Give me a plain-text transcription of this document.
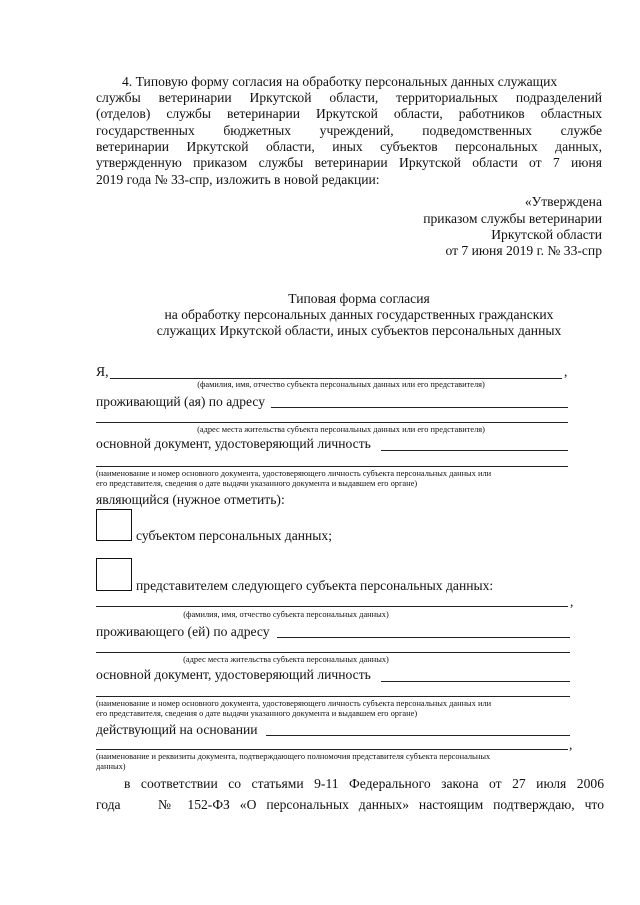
4. Типовую форму согласия на обработку персональных данных служащих
службы ветеринарии Иркутской области, территориальных подразделений
(отделов) службы ветеринарии Иркутской области, работников областных
государственных бюджетных учреждений, подведомственных службе
ветеринарии Иркутской области, иных субъектов персональных данных,
утвержденную приказом службы ветеринарии Иркутской области от 7 июня
2019 года № 33-спр, изложить в новой редакции:
«Утверждена
приказом службы ветеринарии
Иркутской области
от 7 июня 2019 г. № 33-спр
Типовая форма согласия
на обработку персональных данных государственных гражданских
служащих Иркутской области, иных субъектов персональных данных
Я,	,
(фамилия, имя, отчество субъекта персональных данных или его представителя)
проживающий (ая) по адресу
(адрес места жительства субъекта персональных данных или его представителя)
основной документ, удостоверяющий личность
(наименование и номер основного документа, удостоверяющего личность субъекта персональных данных или
его представителя, сведения о дате выдачи указанного документа и выдавшем его органе)
являющийся (нужное отметить):
субъектом персональных данных;
представителем следующего субъекта персональных данных:
,
(фамилия, имя, отчество субъекта персональных данных)
проживающего (ей) по адресу
(адрес места жительства субъекта персональных данных)
основной документ, удостоверяющий личность
(наименование и номер основного документа, удостоверяющего личность субъекта персональных данных или
его представителя, сведения о дате выдачи указанного документа и выдавшем его органе)
действующий на основании
,
(наименование и реквизиты документа, подтверждающего полномочия представителя субъекта персональных
данных)
в соответствии со статьями 9-11 Федерального закона от 27 июля 2006
года	№ 152-ФЗ «О персональных данных» настоящим подтверждаю, что
